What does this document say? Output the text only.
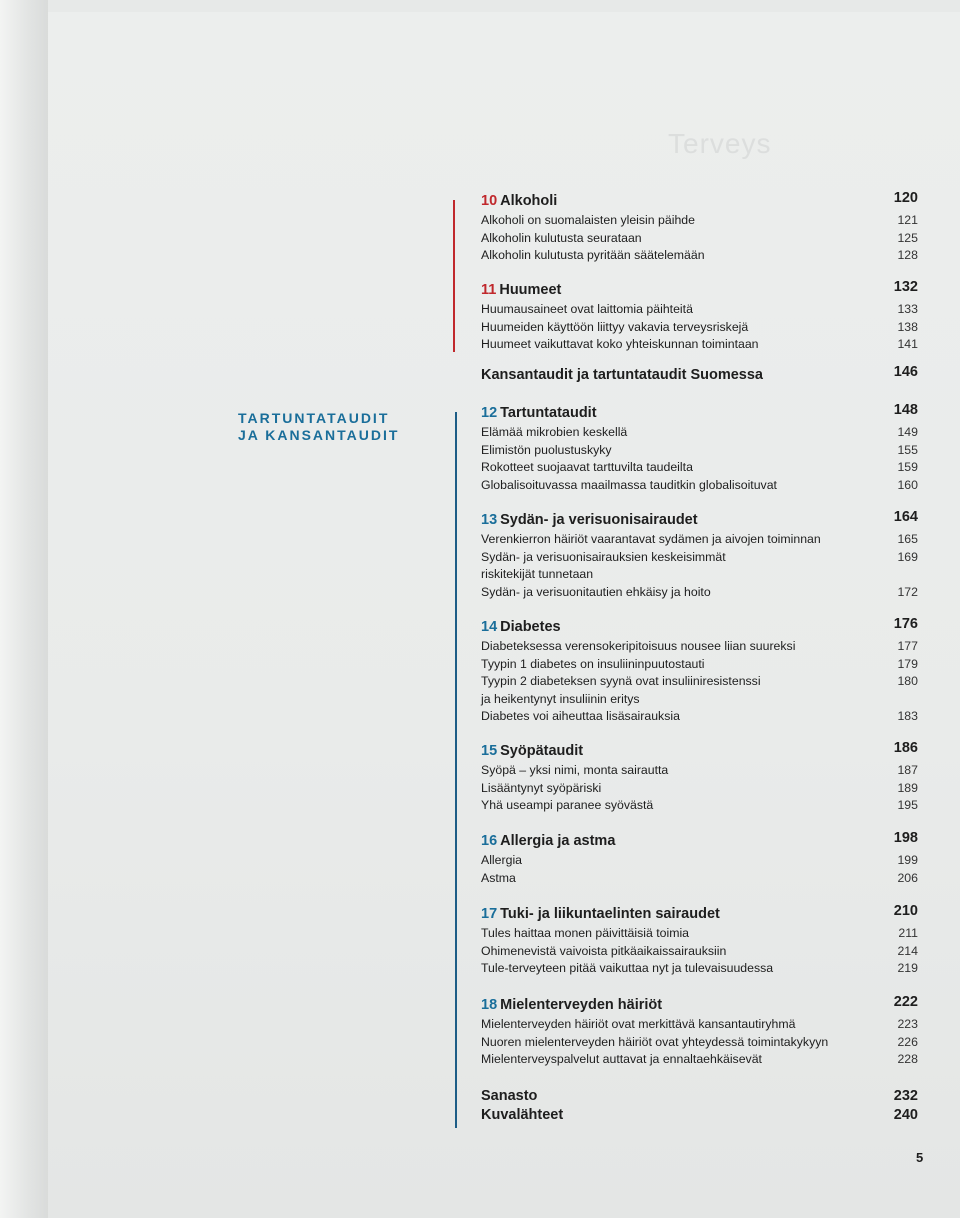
Terveys
TARTUNTATAUDIT
JA KANSANTAUDIT
10 Alkoholi	120
Alkoholi on suomalaisten yleisin päihde	121
Alkoholin kulutusta seurataan	125
Alkoholin kulutusta pyritään säätelemään	128
11 Huumeet	132
Huumausaineet ovat laittomia päihteitä	133
Huumeiden käyttöön liittyy vakavia terveysriskejä	138
Huumeet vaikuttavat koko yhteiskunnan toimintaan	141
Kansantaudit ja tartuntataudit Suomessa	146
12 Tartuntataudit	148
Elämää mikrobien keskellä	149
Elimistön puolustuskyky	155
Rokotteet suojaavat tarttuvilta taudeilta	159
Globalisoituvassa maailmassa tauditkin globalisoituvat	160
13 Sydän- ja verisuonisairaudet	164
Verenkierron häiriöt vaarantavat sydämen ja aivojen toiminnan	165
Sydän- ja verisuonisairauksien keskeisimmät	169
riskitekijät tunnetaan
Sydän- ja verisuonitautien ehkäisy ja hoito	172
14 Diabetes	176
Diabeteksessa verensokeripitoisuus nousee liian suureksi	177
Tyypin 1 diabetes on insuliininpuutostauti	179
Tyypin 2 diabeteksen syynä ovat insuliiniresistenssi	180
ja heikentynyt insuliinin eritys
Diabetes voi aiheuttaa lisäsairauksia	183
15 Syöpätaudit	186
Syöpä – yksi nimi, monta sairautta	187
Lisääntynyt syöpäriski	189
Yhä useampi paranee syövästä	195
16 Allergia ja astma	198
Allergia	199
Astma	206
17 Tuki- ja liikuntaelinten sairaudet	210
Tules haittaa monen päivittäisiä toimia	211
Ohimenevistä vaivoista pitkäaikaissairauksiin	214
Tule-terveyteen pitää vaikuttaa nyt ja tulevaisuudessa	219
18 Mielenterveyden häiriöt	222
Mielenterveyden häiriöt ovat merkittävä kansantautiryhmä	223
Nuoren mielenterveyden häiriöt ovat yhteydessä toimintakykyyn	226
Mielenterveyspalvelut auttavat ja ennaltaehkäisevät	228
Sanasto	232
Kuvalähteet	240
5
